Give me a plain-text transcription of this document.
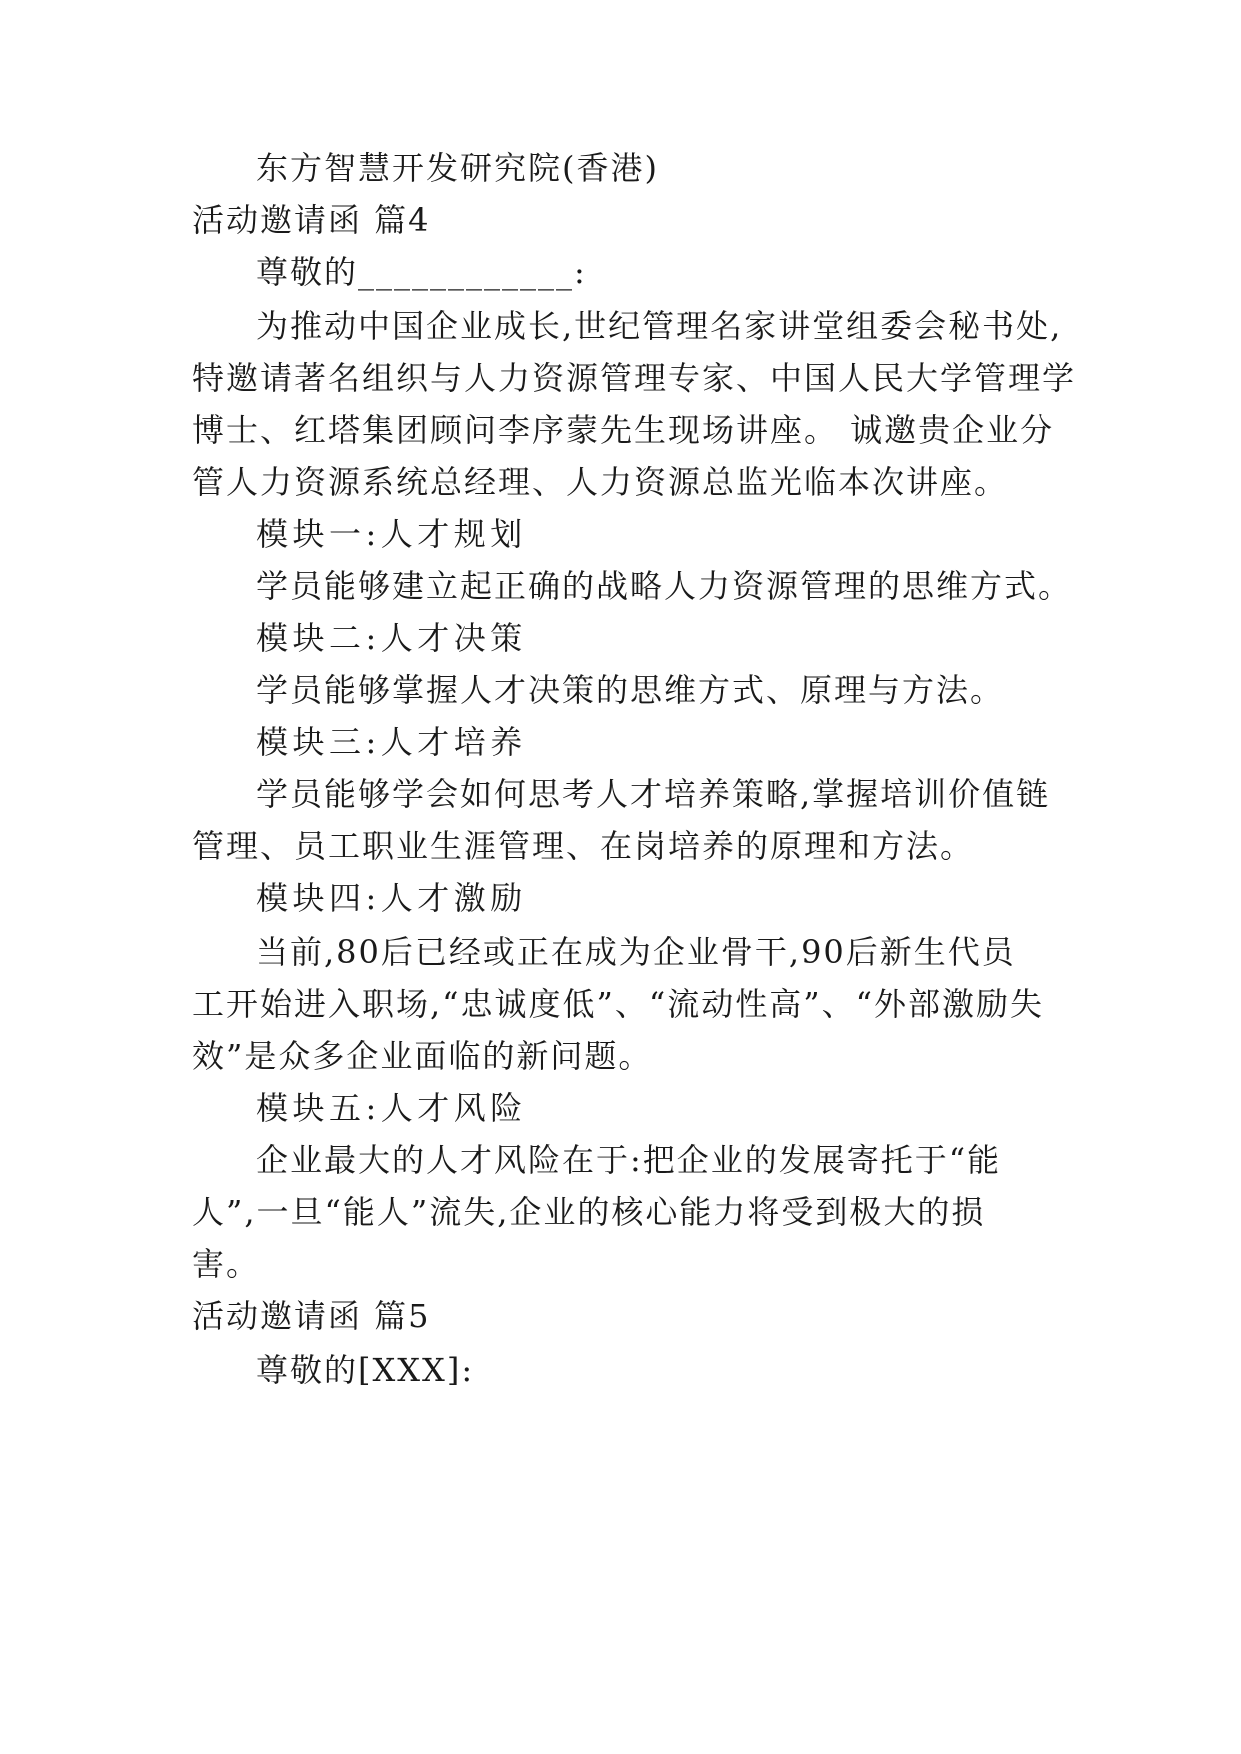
东方智慧开发研究院(香港)
活动邀请函 篇4
尊敬的____________:
为推动中国企业成长,世纪管理名家讲堂组委会秘书处,
特邀请著名组织与人力资源管理专家、中国人民大学管理学
博士、红塔集团顾问李序蒙先生现场讲座。 诚邀贵企业分
管人力资源系统总经理、人力资源总监光临本次讲座。
模块一:人才规划
学员能够建立起正确的战略人力资源管理的思维方式。
模块二:人才决策
学员能够掌握人才决策的思维方式、原理与方法。
模块三:人才培养
学员能够学会如何思考人才培养策略,掌握培训价值链
管理、员工职业生涯管理、在岗培养的原理和方法。
模块四:人才激励
当前,80后已经或正在成为企业骨干,90后新生代员
工开始进入职场,“忠诚度低”、“流动性高”、“外部激励失
效”是众多企业面临的新问题。
模块五:人才风险
企业最大的人才风险在于:把企业的发展寄托于“能
人”,一旦“能人”流失,企业的核心能力将受到极大的损
害。
活动邀请函 篇5
尊敬的[XXX]:
